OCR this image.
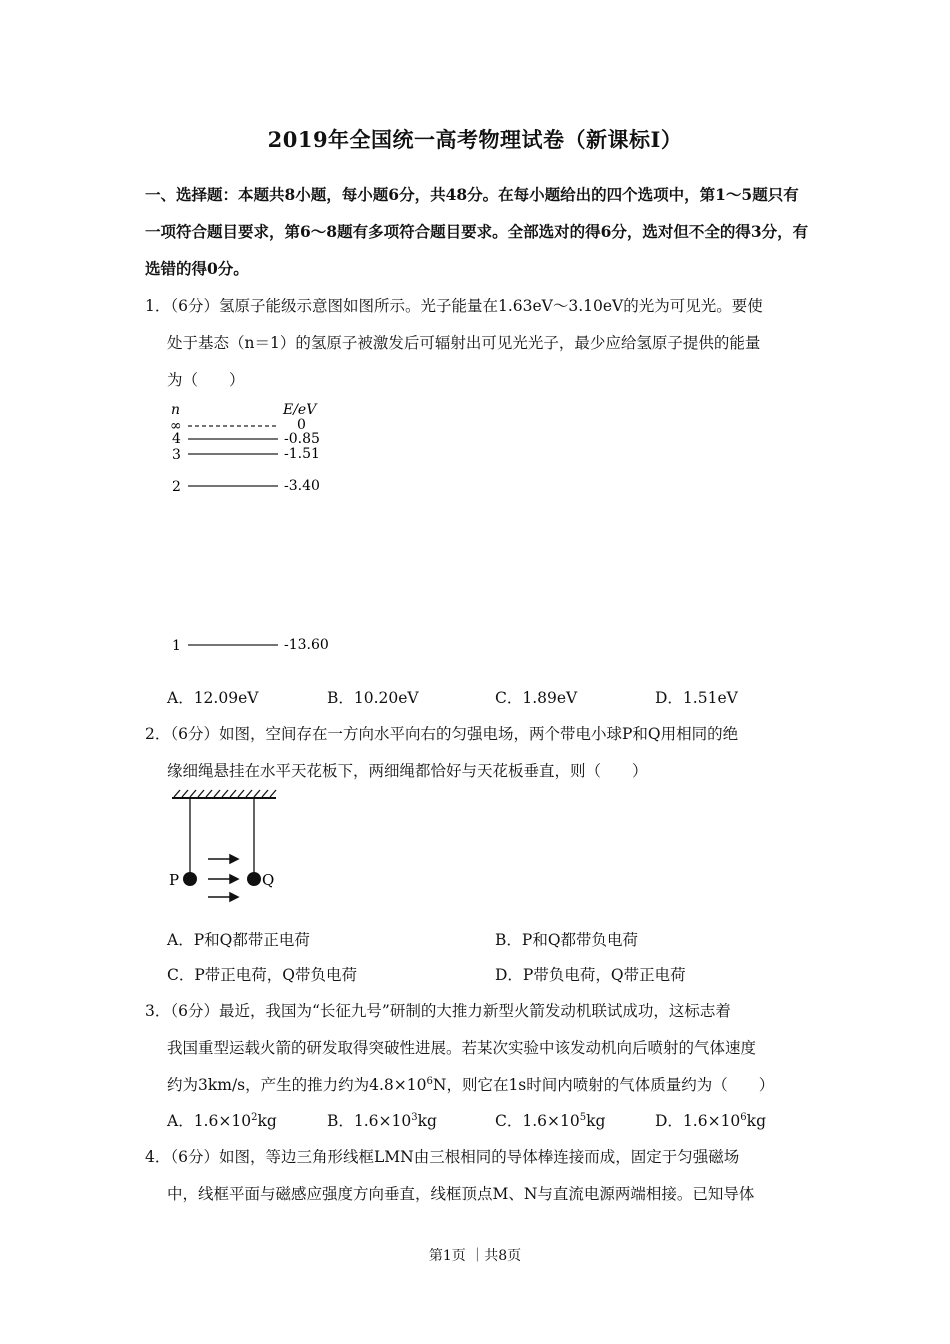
2019年全国统一高考物理试卷（新课标Ⅰ）
一、选择题：本题共8小题，每小题6分，共48分。在每小题给出的四个选项中，第1～5题只有一项符合题目要求，第6～8题有多项符合题目要求。全部选对的得6分，选对但不全的得3分，有选错的得0分。
1．（6分）氢原子能级示意图如图所示。光子能量在1.63eV～3.10eV的光为可见光。要使
处于基态（n＝1）的氢原子被激发后可辐射出可见光光子，最少应给氢原子提供的能量
为（　　）
n	E/eV
∞	0
4	-0.85
3	-1.51
2	-3.40
1	-13.60
A．12.09eV	B．10.20eV	C．1.89eV	D．1.51eV
2．（6分）如图，空间存在一方向水平向右的匀强电场，两个带电小球P和Q用相同的绝
缘细绳悬挂在水平天花板下，两细绳都恰好与天花板垂直，则（　　）
P	Q
A．P和Q都带正电荷	B．P和Q都带负电荷
C．P带正电荷，Q带负电荷	D．P带负电荷，Q带正电荷
3．（6分）最近，我国为“长征九号”研制的大推力新型火箭发动机联试成功，这标志着
我国重型运载火箭的研发取得突破性进展。若某次实验中该发动机向后喷射的气体速度
约为3km/s，产生的推力约为$4.8\times 10^6N$，则它在1s时间内喷射的气体质量约为（　　）
A．$1.6\times 10^2kg$	B．$1.6\times 10^3kg$	C．$1.6\times 10^5kg$	D．$1.6\times 10^6kg$
4．（6分）如图，等边三角形线框LMN由三根相同的导体棒连接而成，固定于匀强磁场
中，线框平面与磁感应强度方向垂直，线框顶点M、N与直流电源两端相接。已知导体
第1页 ｜共8页
